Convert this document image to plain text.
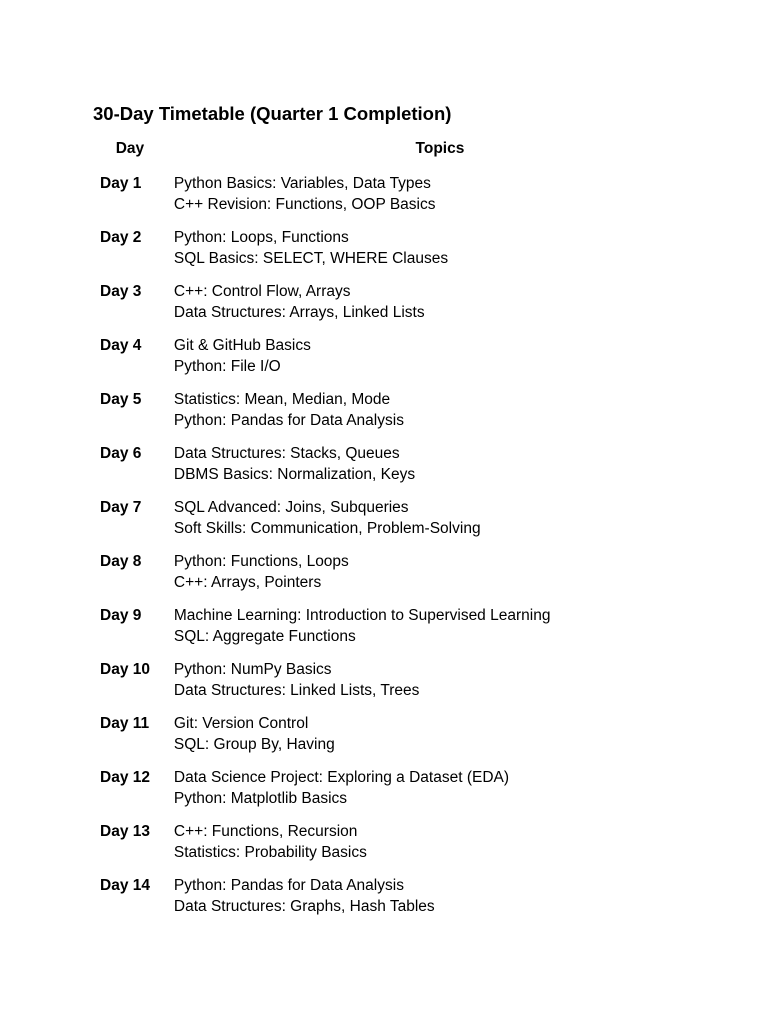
30-Day Timetable (Quarter 1 Completion)
Day	Topics
Day 1	Python Basics: Variables, Data Types
C++ Revision: Functions, OOP Basics

Day 2	Python: Loops, Functions
SQL Basics: SELECT, WHERE Clauses

Day 3	C++: Control Flow, Arrays
Data Structures: Arrays, Linked Lists

Day 4	Git & GitHub Basics
Python: File I/O

Day 5	Statistics: Mean, Median, Mode
Python: Pandas for Data Analysis

Day 6	Data Structures: Stacks, Queues
DBMS Basics: Normalization, Keys

Day 7	SQL Advanced: Joins, Subqueries
Soft Skills: Communication, Problem-Solving

Day 8	Python: Functions, Loops
C++: Arrays, Pointers

Day 9	Machine Learning: Introduction to Supervised Learning
SQL: Aggregate Functions

Day 10	Python: NumPy Basics
Data Structures: Linked Lists, Trees

Day 11	Git: Version Control
SQL: Group By, Having

Day 12	Data Science Project: Exploring a Dataset (EDA)
Python: Matplotlib Basics

Day 13	C++: Functions, Recursion
Statistics: Probability Basics

Day 14	Python: Pandas for Data Analysis
Data Structures: Graphs, Hash Tables
